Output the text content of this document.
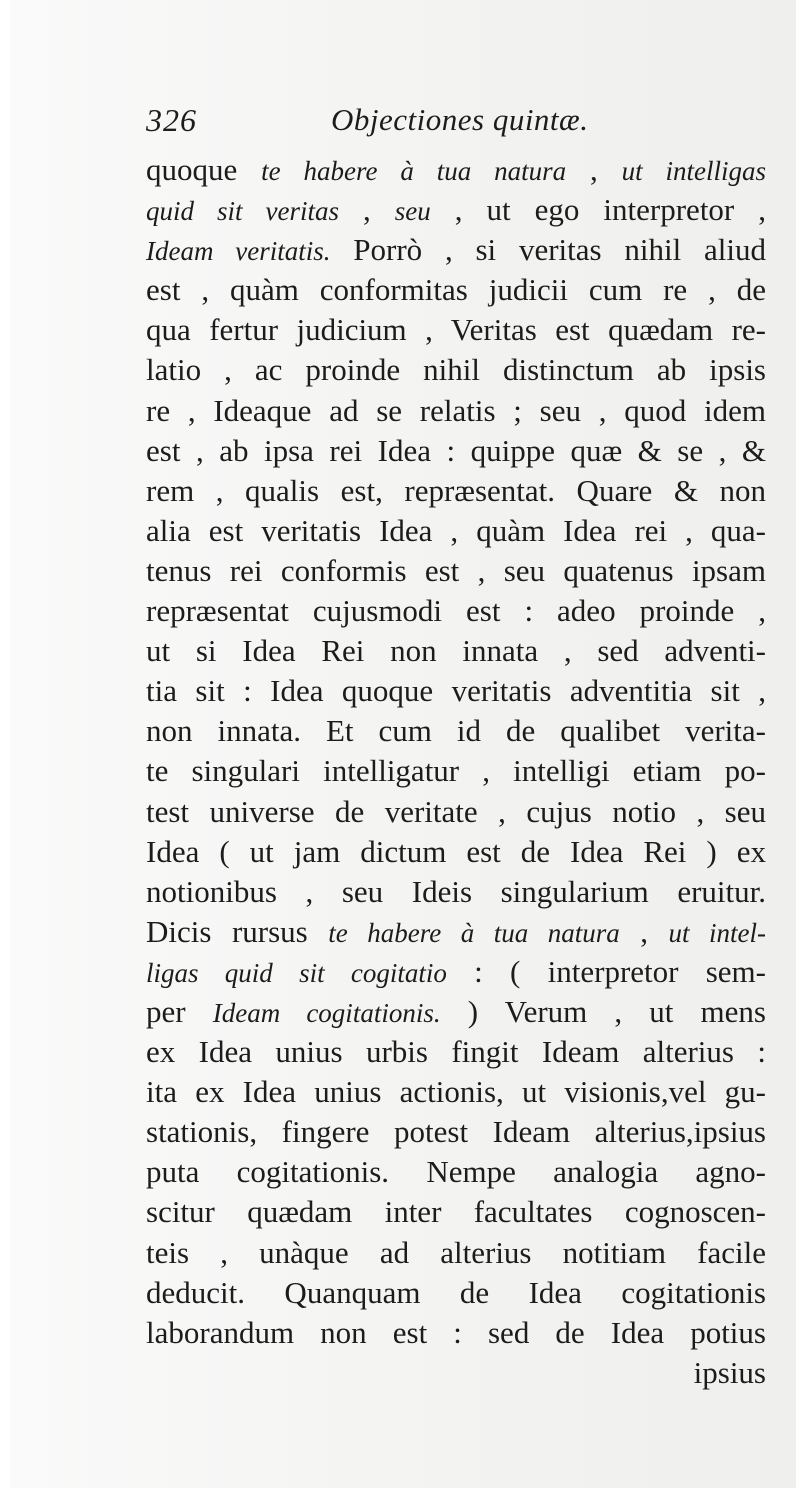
326	Objectiones quintæ.
quoque te habere à tua natura , ut intelligas
quid sit veritas , seu , ut ego interpretor ,
Ideam veritatis. Porrò , si veritas nihil aliud
est , quàm conformitas judicii cum re , de
qua fertur judicium , Veritas est quædam re-
latio , ac proinde nihil distinctum ab ipsis
re , Ideaque ad se relatis ; seu , quod idem
est , ab ipsa rei Idea : quippe quæ & se , &
rem , qualis est, repræsentat. Quare & non
alia est veritatis Idea , quàm Idea rei , qua-
tenus rei conformis est , seu quatenus ipsam
repræsentat cujusmodi est : adeo proinde ,
ut si Idea Rei non innata , sed adventi-
tia sit : Idea quoque veritatis adventitia sit ,
non innata. Et cum id de qualibet verita-
te singulari intelligatur , intelligi etiam po-
test universe de veritate , cujus notio , seu
Idea ( ut jam dictum est de Idea Rei ) ex
notionibus , seu Ideis singularium eruitur.
Dicis rursus te habere à tua natura , ut intel-
ligas quid sit cogitatio : ( interpretor sem-
per Ideam cogitationis. ) Verum , ut mens
ex Idea unius urbis fingit Ideam alterius :
ita ex Idea unius actionis, ut visionis,vel gu-
stationis, fingere potest Ideam alterius,ipsius
puta cogitationis. Nempe analogia agno-
scitur quædam inter facultates cognoscen-
teis , unàque ad alterius notitiam facile
deducit. Quanquam de Idea cogitationis
laborandum non est : sed de Idea potius
ipsius
